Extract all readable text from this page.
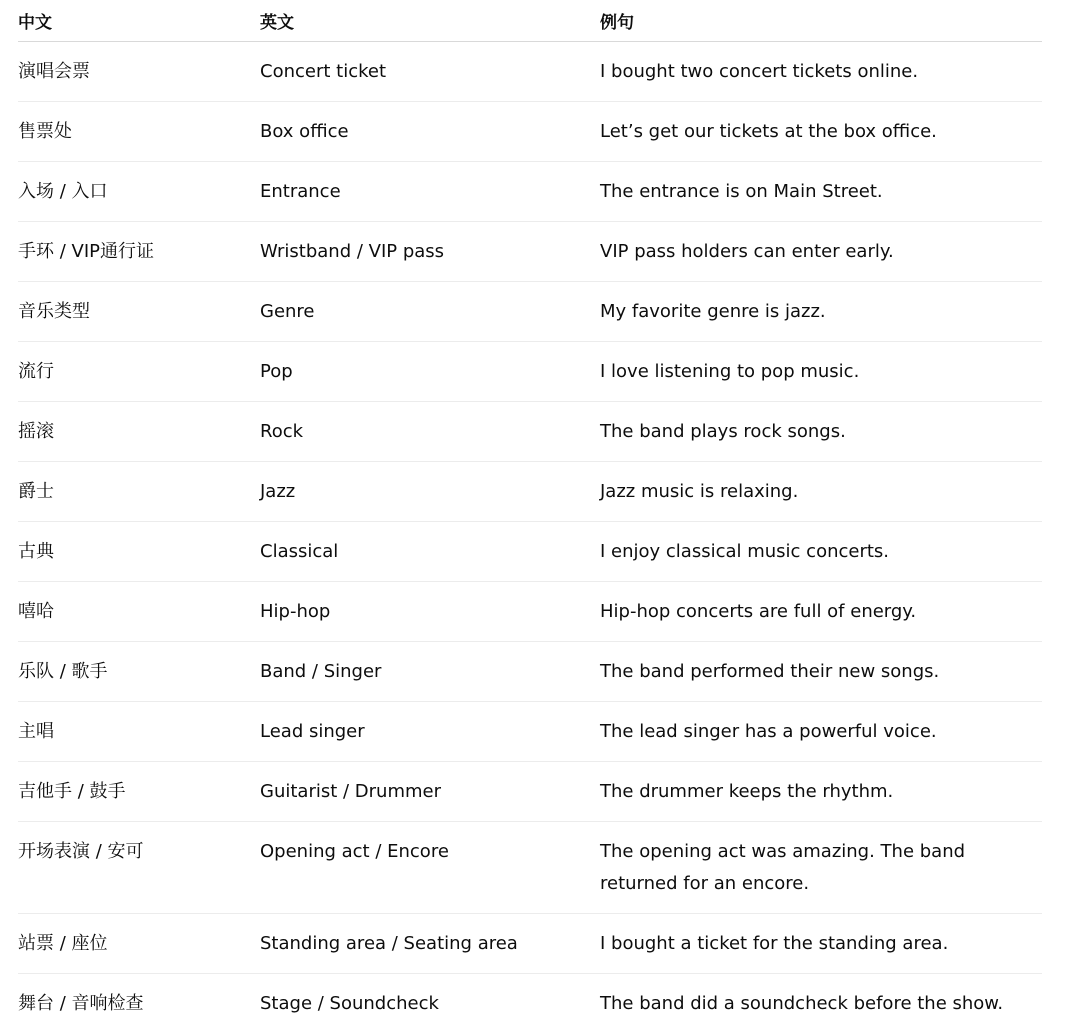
中文	英文	例句
演唱会票	Concert ticket	I bought two concert tickets online.
售票处	Box office	Let’s get our tickets at the box office.
入场 / 入口	Entrance	The entrance is on Main Street.
手环 / VIP通行证	Wristband / VIP pass	VIP pass holders can enter early.
音乐类型	Genre	My favorite genre is jazz.
流行	Pop	I love listening to pop music.
摇滚	Rock	The band plays rock songs.
爵士	Jazz	Jazz music is relaxing.
古典	Classical	I enjoy classical music concerts.
嘻哈	Hip-hop	Hip-hop concerts are full of energy.
乐队 / 歌手	Band / Singer	The band performed their new songs.
主唱	Lead singer	The lead singer has a powerful voice.
吉他手 / 鼓手	Guitarist / Drummer	The drummer keeps the rhythm.
开场表演 / 安可	Opening act / Encore	The opening act was amazing. The band returned for an encore.
站票 / 座位	Standing area / Seating area	I bought a ticket for the standing area.
舞台 / 音响检查	Stage / Soundcheck	The band did a soundcheck before the show.
